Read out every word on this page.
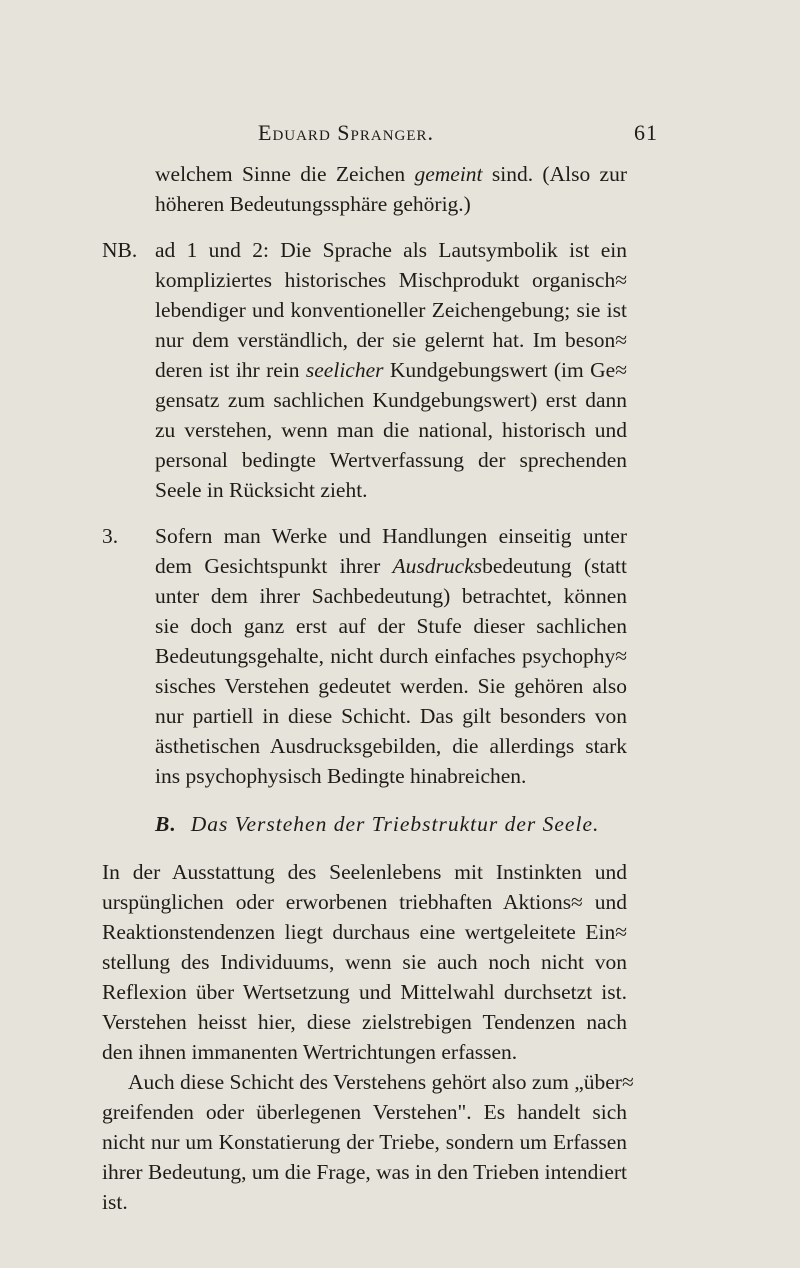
Eduard Spranger.	61
welchem Sinne die Zeichen gemeint sind. (Also zur
höheren Bedeutungssphäre gehörig.)
NB. ad 1 und 2: Die Sprache als Lautsymbolik ist ein
kompliziertes historisches Mischprodukt organisch≈
lebendiger und konventioneller Zeichengebung; sie ist
nur dem verständlich, der sie gelernt hat. Im beson≈
deren ist ihr rein seelicher Kundgebungswert (im Ge≈
gensatz zum sachlichen Kundgebungswert) erst dann
zu verstehen, wenn man die national, historisch und
personal bedingte Wertverfassung der sprechenden
Seele in Rücksicht zieht.
3. Sofern man Werke und Handlungen einseitig unter
dem Gesichtspunkt ihrer Ausdrucksbedeutung (statt
unter dem ihrer Sachbedeutung) betrachtet, können
sie doch ganz erst auf der Stufe dieser sachlichen
Bedeutungsgehalte, nicht durch einfaches psychophy≈
sisches Verstehen gedeutet werden. Sie gehören also
nur partiell in diese Schicht. Das gilt besonders von
ästhetischen Ausdrucksgebilden, die allerdings stark
ins psychophysisch Bedingte hinabreichen.
B. Das Verstehen der Triebstruktur der Seele.
In der Ausstattung des Seelenlebens mit Instinkten und
urspünglichen oder erworbenen triebhaften Aktions≈ und
Reaktionstendenzen liegt durchaus eine wertgeleitete Ein≈
stellung des Individuums, wenn sie auch noch nicht von
Reflexion über Wertsetzung und Mittelwahl durchsetzt ist.
Verstehen heisst hier, diese zielstrebigen Tendenzen nach
den ihnen immanenten Wertrichtungen erfassen.
Auch diese Schicht des Verstehens gehört also zum „über≈
greifenden oder überlegenen Verstehen". Es handelt sich
nicht nur um Konstatierung der Triebe, sondern um Erfassen
ihrer Bedeutung, um die Frage, was in den Trieben intendiert
ist.
